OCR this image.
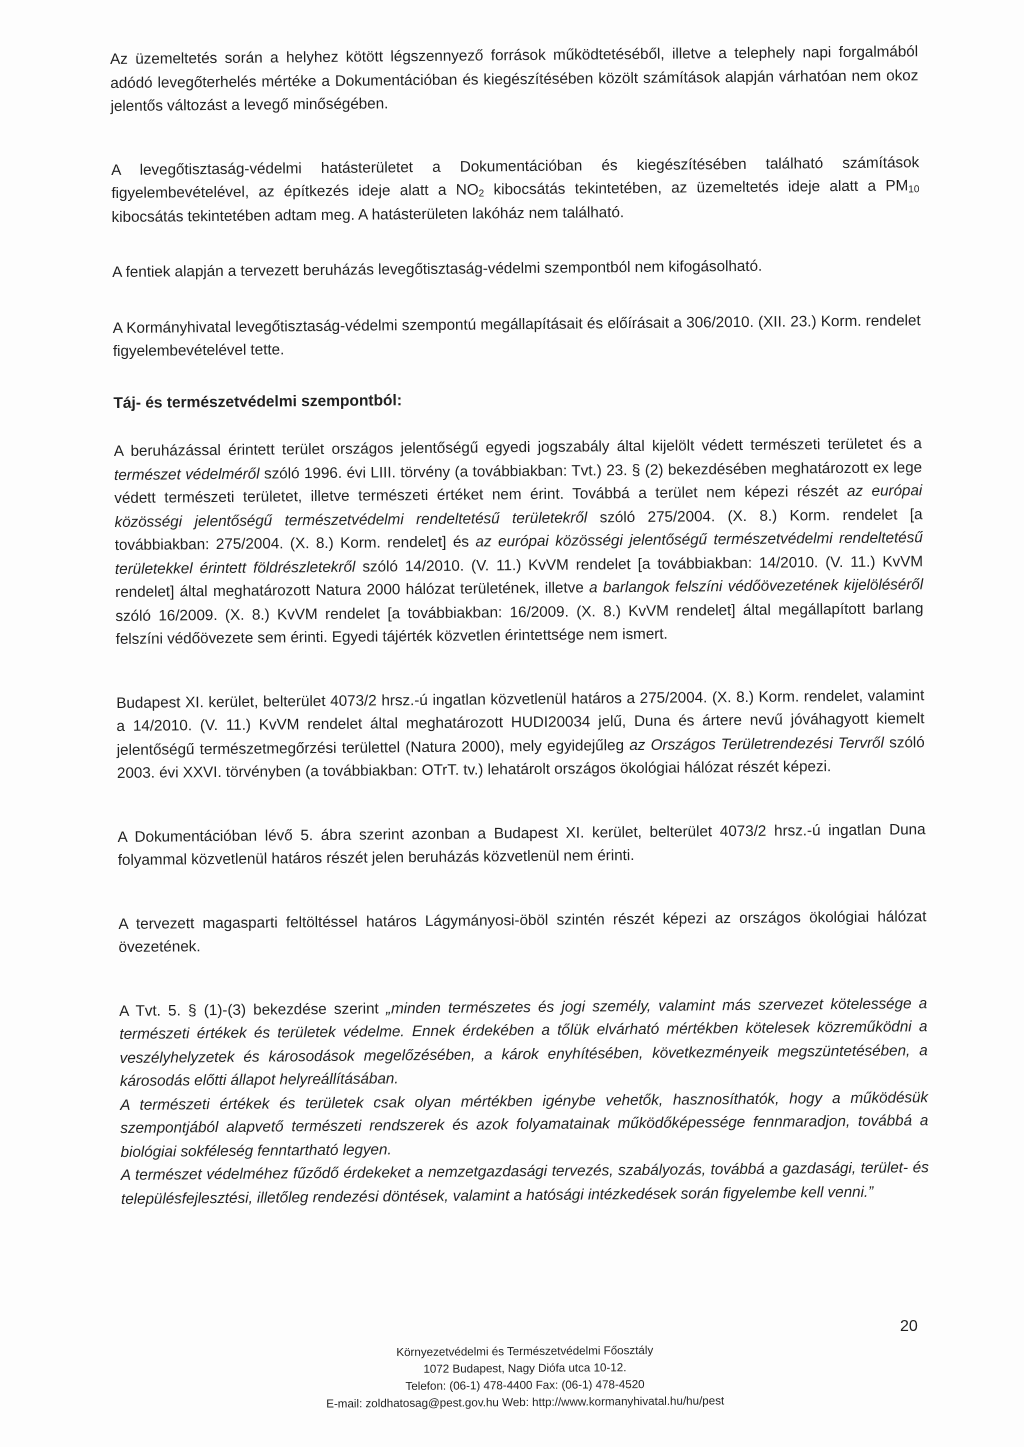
Az üzemeltetés során a helyhez kötött légszennyező források működtetéséből, illetve a telephely napi forgalmából adódó levegőterhelés mértéke a Dokumentációban és kiegészítésében közölt számítások alapján várhatóan nem okoz jelentős változást a levegő minőségében.

A levegőtisztaság-védelmi hatásterületet a Dokumentációban és kiegészítésében található számítások figyelembevételével, az építkezés ideje alatt a $NO_2$ kibocsátás tekintetében, az üzemeltetés ideje alatt a $PM_{10}$ kibocsátás tekintetében adtam meg. A hatásterületen lakóház nem található.

A fentiek alapján a tervezett beruházás levegőtisztaság-védelmi szempontból nem kifogásolható.

A Kormányhivatal levegőtisztaság-védelmi szempontú megállapításait és előírásait a 306/2010. (XII. 23.) Korm. rendelet figyelembevételével tette.

Táj- és természetvédelmi szempontból:

A beruházással érintett terület országos jelentőségű egyedi jogszabály által kijelölt védett természeti területet és a természet védelméről szóló 1996. évi LIII. törvény (a továbbiakban: Tvt.) 23. § (2) bekezdésében meghatározott ex lege védett természeti területet, illetve természeti értéket nem érint. Továbbá a terület nem képezi részét az európai közösségi jelentőségű természetvédelmi rendeltetésű területekről szóló 275/2004. (X. 8.) Korm. rendelet [a továbbiakban: 275/2004. (X. 8.) Korm. rendelet] és az európai közösségi jelentőségű természetvédelmi rendeltetésű területekkel érintett földrészletekről szóló 14/2010. (V. 11.) KvVM rendelet [a továbbiakban: 14/2010. (V. 11.) KvVM rendelet] által meghatározott Natura 2000 hálózat területének, illetve a barlangok felszíni védőövezetének kijelöléséről szóló 16/2009. (X. 8.) KvVM rendelet [a továbbiakban: 16/2009. (X. 8.) KvVM rendelet] által megállapított barlang felszíni védőövezete sem érinti. Egyedi tájérték közvetlen érintettsége nem ismert.

Budapest XI. kerület, belterület 4073/2 hrsz.-ú ingatlan közvetlenül határos a 275/2004. (X. 8.) Korm. rendelet, valamint a 14/2010. (V. 11.) KvVM rendelet által meghatározott HUDI20034 jelű, Duna és ártere nevű jóváhagyott kiemelt jelentőségű természetmegőrzési területtel (Natura 2000), mely egyidejűleg az Országos Területrendezési Tervről szóló 2003. évi XXVI. törvényben (a továbbiakban: OTrT. tv.) lehatárolt országos ökológiai hálózat részét képezi.

A Dokumentációban lévő 5. ábra szerint azonban a Budapest XI. kerület, belterület 4073/2 hrsz.-ú ingatlan Duna folyammal közvetlenül határos részét jelen beruházás közvetlenül nem érinti.

A tervezett magasparti feltöltéssel határos Lágymányosi-öböl szintén részét képezi az országos ökológiai hálózat övezetének.

A Tvt. 5. § (1)-(3) bekezdése szerint „minden természetes és jogi személy, valamint más szervezet kötelessége a természeti értékek és területek védelme. Ennek érdekében a tőlük elvárható mértékben kötelesek közreműködni a veszélyhelyzetek és károsodások megelőzésében, a károk enyhítésében, következményeik megszüntetésében, a károsodás előtti állapot helyreállításában.

A természeti értékek és területek csak olyan mértékben igénybe vehetők, hasznosíthatók, hogy a működésük szempontjából alapvető természeti rendszerek és azok folyamatainak működőképessége fennmaradjon, továbbá a biológiai sokféleség fenntartható legyen.

A természet védelméhez fűződő érdekeket a nemzetgazdasági tervezés, szabályozás, továbbá a gazdasági, terület- és településfejlesztési, illetőleg rendezési döntések, valamint a hatósági intézkedések során figyelembe kell venni.”

20
Környezetvédelmi és Természetvédelmi Főosztály
1072 Budapest, Nagy Diófa utca 10-12.
Telefon: (06-1) 478-4400 Fax: (06-1) 478-4520
E-mail: zoldhatosag@pest.gov.hu Web: http://www.kormanyhivatal.hu/hu/pest
